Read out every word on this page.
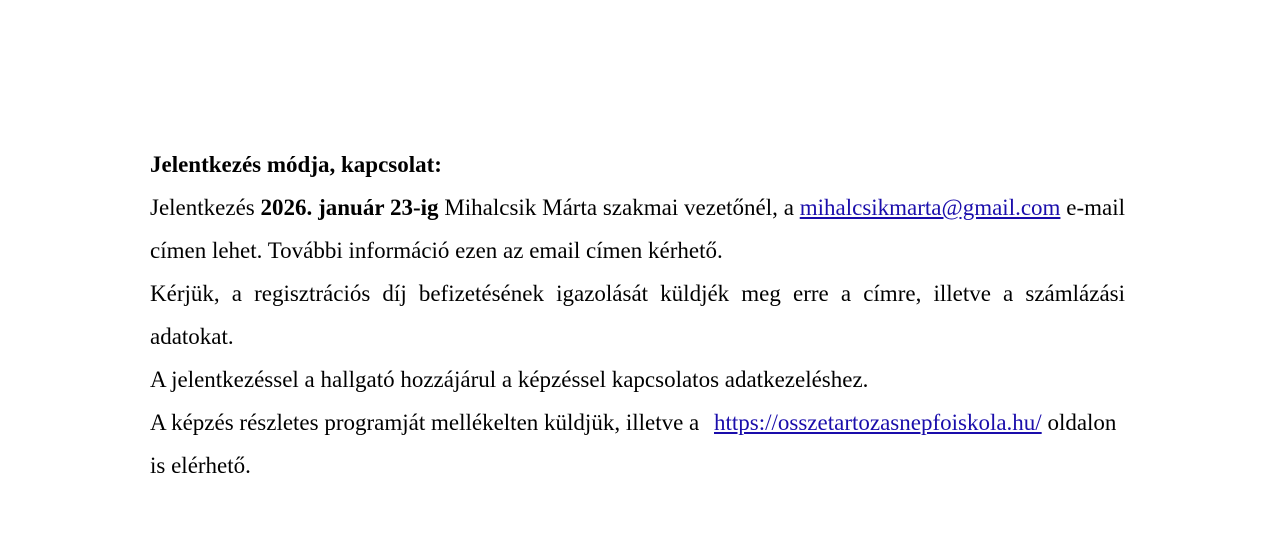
Jelentkezés módja, kapcsolat:

Jelentkezés 2026. január 23-ig Mihalcsik Márta szakmai vezetőnél, a mihalcsikmarta@gmail.com e-mail címen lehet. További információ ezen az email címen kérhető.

Kérjük, a regisztrációs díj befizetésének igazolását küldjék meg erre a címre, illetve a számlázási adatokat.

A jelentkezéssel a hallgató hozzájárul a képzéssel kapcsolatos adatkezeléshez.

A képzés részletes programját mellékelten küldjük, illetve a https://osszetartozasnepfoiskola.hu/ oldalon is elérhető.
